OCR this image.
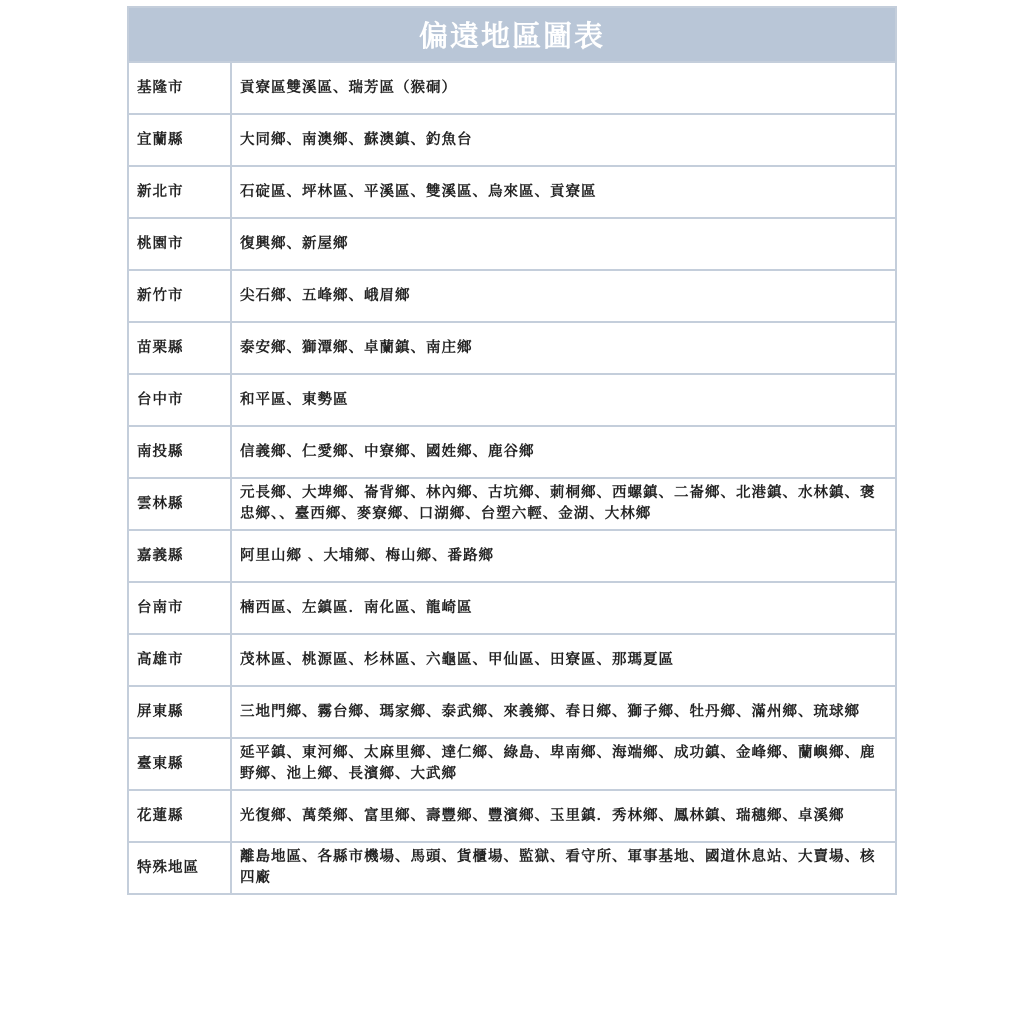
偏遠地區圖表	
基隆市	貢寮區雙溪區、瑞芳區（猴硐）
宜蘭縣	大同鄉、南澳鄉、蘇澳鎮、釣魚台
新北市	石碇區、坪林區、平溪區、雙溪區、烏來區、貢寮區
桃園市	復興鄉、新屋鄉
新竹市	尖石鄉、五峰鄉、峨眉鄉
苗栗縣	泰安鄉、獅潭鄉、卓蘭鎮、南庄鄉
台中市	和平區、東勢區
南投縣	信義鄉、仁愛鄉、中寮鄉、國姓鄉、鹿谷鄉
雲林縣	元長鄉、大埤鄉、崙背鄉、林內鄉、古坑鄉、莿桐鄉、西螺鎮、二崙鄉、北港鎮、水林鎮、褒忠鄉、、臺西鄉、麥寮鄉、口湖鄉、台塑六輕、金湖、大林鄉
嘉義縣	阿里山鄉 、大埔鄉、梅山鄉、番路鄉
台南市	楠西區、左鎮區．南化區、龍崎區
高雄市	茂林區、桃源區、杉林區、六龜區、甲仙區、田寮區、那瑪夏區
屏東縣	三地門鄉、霧台鄉、瑪家鄉、泰武鄉、來義鄉、春日鄉、獅子鄉、牡丹鄉、滿州鄉、琉球鄉
臺東縣	延平鎮、東河鄉、太麻里鄉、達仁鄉、綠島、卑南鄉、海端鄉、成功鎮、金峰鄉、蘭嶼鄉、鹿野鄉、池上鄉、長濱鄉、大武鄉
花蓮縣	光復鄉、萬榮鄉、富里鄉、壽豐鄉、豐濱鄉、玉里鎮．秀林鄉、鳳林鎮、瑞穗鄉、卓溪鄉
特殊地區	離島地區、各縣市機場、馬頭、貨櫃場、監獄、看守所、軍事基地、國道休息站、大賣場、核四廠
